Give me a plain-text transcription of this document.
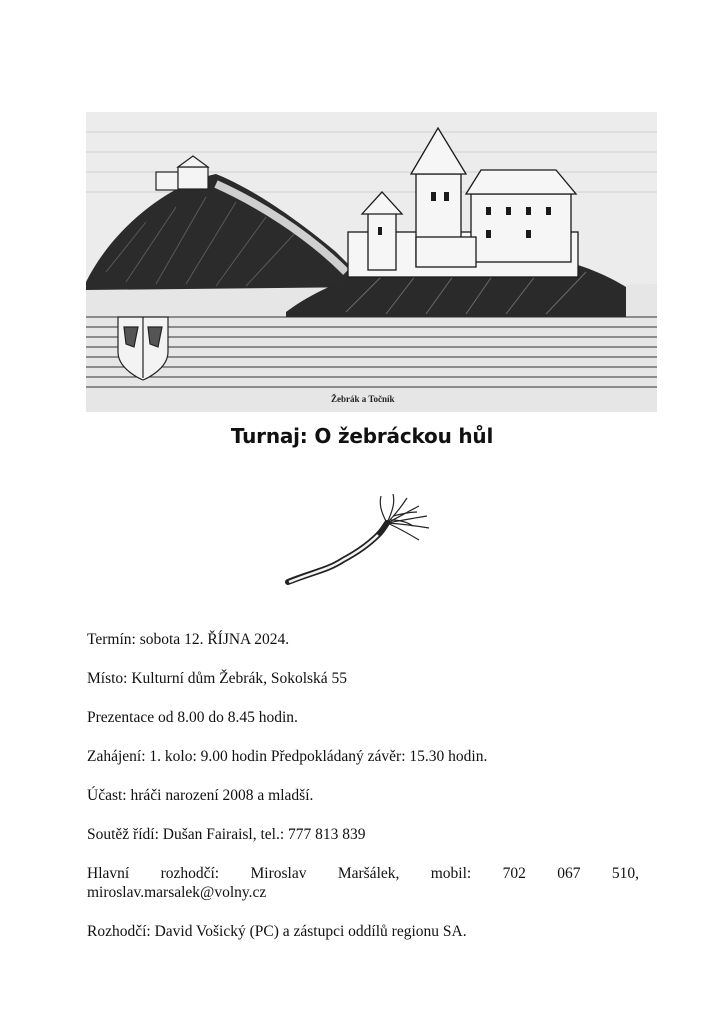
Žebrák a Točník
Turnaj: O žebráckou hůl

Termín: sobota 12. ŘÍJNA 2024.

Místo: Kulturní dům Žebrák, Sokolská 55

Prezentace od 8.00 do 8.45 hodin.

Zahájení: 1. kolo: 9.00 hodin Předpokládaný závěr: 15.30 hodin.

Účast: hráči narození 2008 a mladší.

Soutěž řídí: Dušan Fairaisl, tel.: 777 813 839

Hlavní rozhodčí: Miroslav Maršálek, mobil: 702 067 510,
miroslav.marsalek@volny.cz

Rozhodčí: David Vošický (PC) a zástupci oddílů regionu SA.
